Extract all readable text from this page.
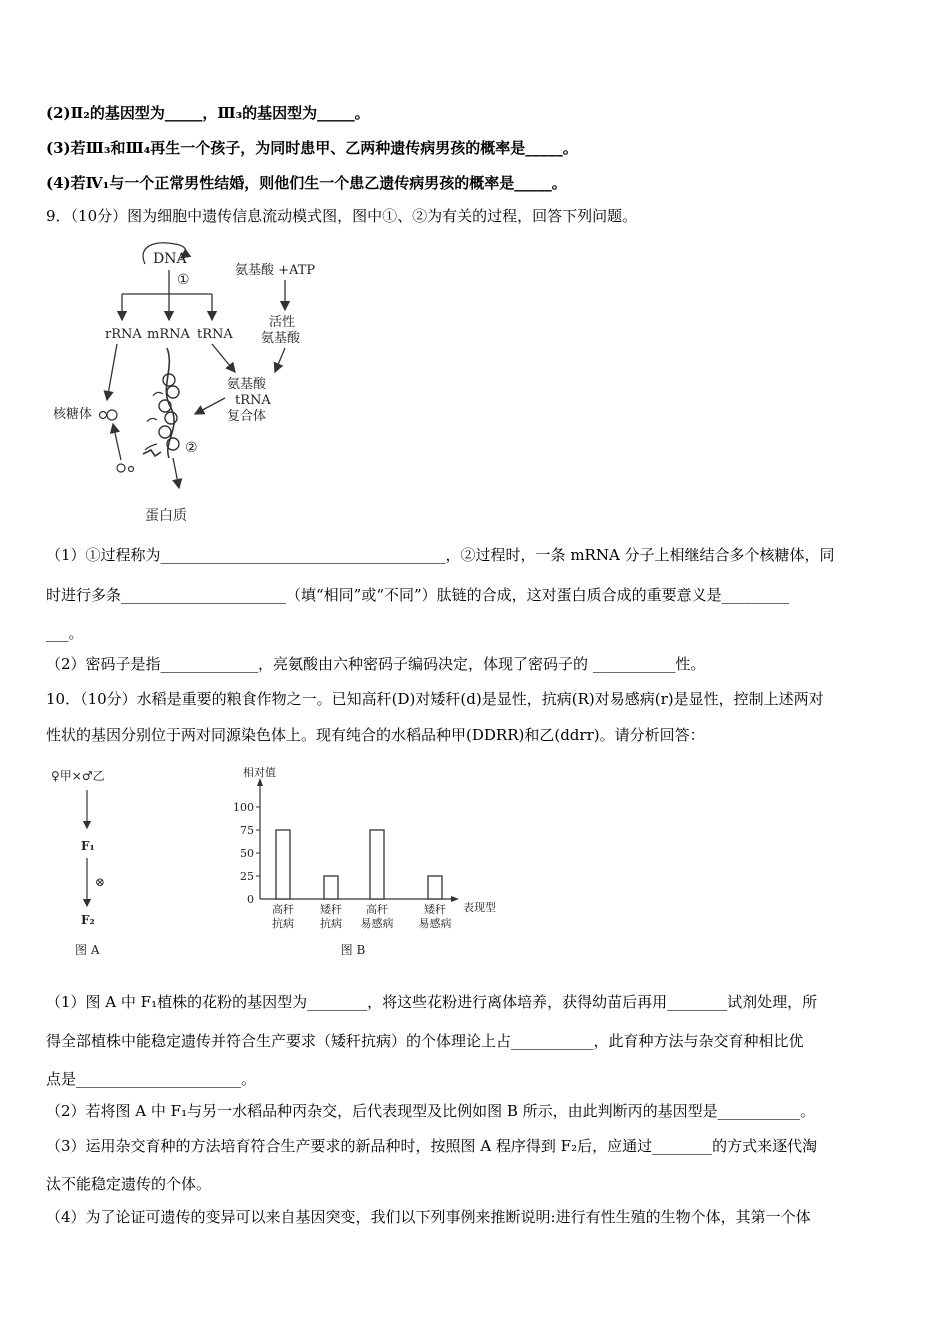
(2)Ⅱ₂的基因型为_____，Ⅲ₃的基因型为_____。
(3)若Ⅲ₃和Ⅲ₄再生一个孩子，为同时患甲、乙两种遗传病男孩的概率是_____。
(4)若Ⅳ₁与一个正常男性结婚，则他们生一个患乙遗传病男孩的概率是_____。
9．（10分）图为细胞中遗传信息流动模式图，图中①、②为有关的过程，回答下列问题。
DNA
①
氨基酸 +ATP
rRNA mRNA tRNA
活性
氨基酸
氨基酸
tRNA
复合体
核糖体
②
蛋白质
（1）①过程称为______________________________________，②过程时，一条 mRNA 分子上相继结合多个核糖体，同
时进行多条______________________（填“相同”或“不同”）肽链的合成，这对蛋白质合成的重要意义是_________
___。
（2）密码子是指_____________，亮氨酸由六种密码子编码决定，体现了密码子的 ___________性。
10．（10分）水稻是重要的粮食作物之一。已知高秆(D)对矮秆(d)是显性，抗病(R)对易感病(r)是显性，控制上述两对
性状的基因分别位于两对同源染色体上。现有纯合的水稻品种甲(DDRR)和乙(ddrr)。请分析回答：
♀甲×♂乙
F₁
⊗
F₂
图 A
相对值
表现型
0
25
50
75
100
高秆
抗病
矮秆
抗病
高秆
易感病
矮秆
易感病
图 B
（1）图 A 中 F₁植株的花粉的基因型为________，将这些花粉进行离体培养，获得幼苗后再用________试剂处理，所
得全部植株中能稳定遗传并符合生产要求（矮秆抗病）的个体理论上占___________，此育种方法与杂交育种相比优
点是______________________。
（2）若将图 A 中 F₁与另一水稻品种丙杂交，后代表现型及比例如图 B 所示，由此判断丙的基因型是___________。
（3）运用杂交育种的方法培育符合生产要求的新品种时，按照图 A 程序得到 F₂后，应通过________的方式来逐代淘
汰不能稳定遗传的个体。
（4）为了论证可遗传的变异可以来自基因突变，我们以下列事例来推断说明:进行有性生殖的生物个体，其第一个体
